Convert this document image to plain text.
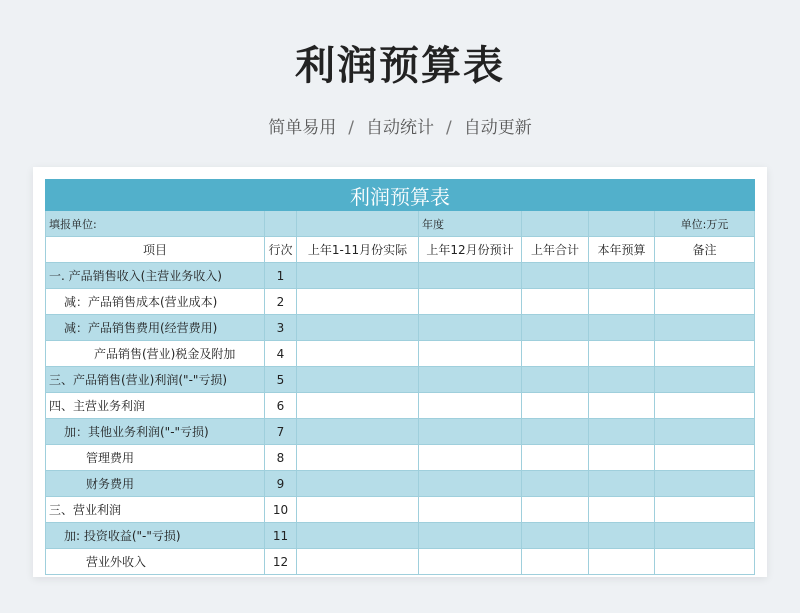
利润预算表
简单易用 / 自动统计 / 自动更新
利润预算表						
填报单位:			年度			单位:万元
项目	行次	上年1-11月份实际	上年12月份预计	上年合计	本年预算	备注
一. 产品销售收入(主营业务收入)	1					
减：产品销售成本(营业成本)	2					
减：产品销售费用(经营费用)	3					
产品销售(营业)税金及附加	4					
三、产品销售(营业)利润("-"亏损)	5					
四、主营业务利润	6					
加：其他业务利润("-"亏损)	7					
管理费用	8					
财务费用	9					
三、营业利润	10					
加: 投资收益("-"亏损)	11					
营业外收入	12					
